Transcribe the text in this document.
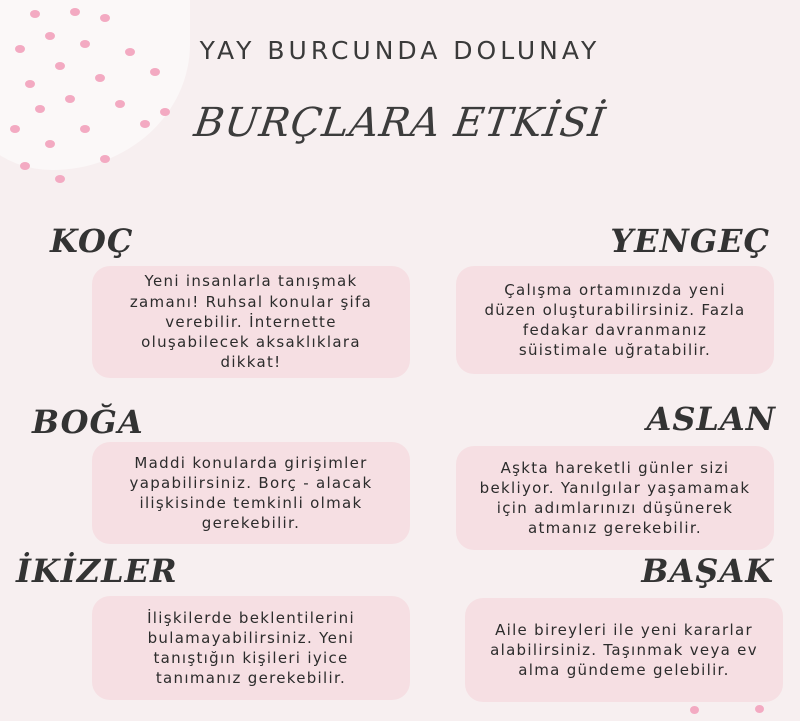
YAY BURCUNDA DOLUNAY
BURÇLARA ETKİSİ
KOÇ

Yeni insanlarla tanışmak zamanı! Ruhsal konular şifa verebilir. İnternette oluşabilecek aksaklıklara dikkat!

YENGEÇ

Çalışma ortamınızda yeni düzen oluşturabilirsiniz. Fazla fedakar davranmanız süistimale uğratabilir.

BOĞA

Maddi konularda girişimler yapabilirsiniz. Borç - alacak ilişkisinde temkinli olmak gerekebilir.

ASLAN

Aşkta hareketli günler sizi bekliyor. Yanılgılar yaşamamak için adımlarınızı düşünerek atmanız gerekebilir.

İKİZLER

İlişkilerde beklentilerini bulamayabilirsiniz. Yeni tanıştığın kişileri iyice tanımanız gerekebilir.

BAŞAK

Aile bireyleri ile yeni kararlar alabilirsiniz. Taşınmak veya ev alma gündeme gelebilir.
